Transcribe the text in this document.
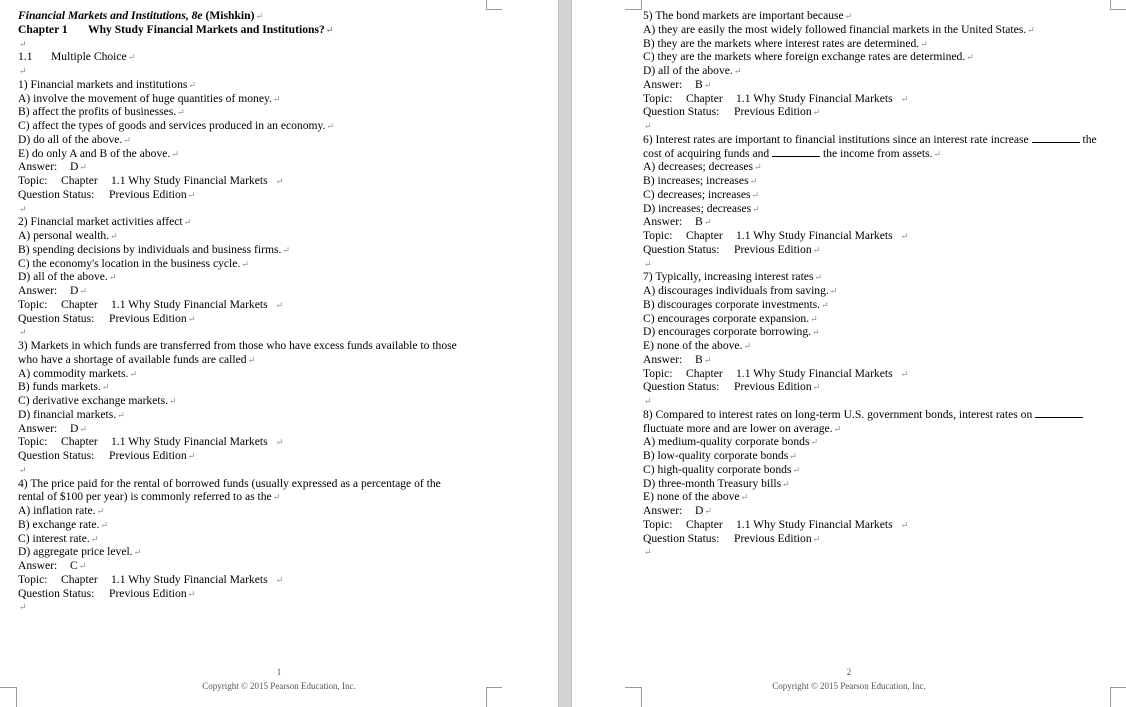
Financial Markets and Institutions, 8e (Mishkin)↵
Chapter 1 Why Study Financial Markets and Institutions?↵
↵
1.1 Multiple Choice↵
↵
1) Financial markets and institutions↵
A) involve the movement of huge quantities of money.↵
B) affect the profits of businesses.↵
C) affect the types of goods and services produced in an economy.↵
D) do all of the above.↵
E) do only A and B of the above.↵
Answer: D↵
Topic: Chapter 1.1 Why Study Financial Markets ↵
Question Status: Previous Edition↵
↵
2) Financial market activities affect↵
A) personal wealth.↵
B) spending decisions by individuals and business firms.↵
C) the economy's location in the business cycle.↵
D) all of the above.↵
Answer: D↵
Topic: Chapter 1.1 Why Study Financial Markets ↵
Question Status: Previous Edition↵
↵
3) Markets in which funds are transferred from those who have excess funds available to those
who have a shortage of available funds are called↵
A) commodity markets.↵
B) funds markets.↵
C) derivative exchange markets.↵
D) financial markets.↵
Answer: D↵
Topic: Chapter 1.1 Why Study Financial Markets ↵
Question Status: Previous Edition↵
↵
4) The price paid for the rental of borrowed funds (usually expressed as a percentage of the
rental of $100 per year) is commonly referred to as the↵
A) inflation rate.↵
B) exchange rate.↵
C) interest rate.↵
D) aggregate price level.↵
Answer: C↵
Topic: Chapter 1.1 Why Study Financial Markets ↵
Question Status: Previous Edition↵
↵
1
Copyright © 2015 Pearson Education, Inc.
5) The bond markets are important because↵
A) they are easily the most widely followed financial markets in the United States.↵
B) they are the markets where interest rates are determined.↵
C) they are the markets where foreign exchange rates are determined.↵
D) all of the above.↵
Answer: B↵
Topic: Chapter 1.1 Why Study Financial Markets ↵
Question Status: Previous Edition↵
↵
6) Interest rates are important to financial institutions since an interest rate increase	the
cost of acquiring funds and	the income from assets.↵
A) decreases; decreases↵
B) increases; increases↵
C) decreases; increases↵
D) increases; decreases↵
Answer: B↵
Topic: Chapter 1.1 Why Study Financial Markets ↵
Question Status: Previous Edition↵
↵
7) Typically, increasing interest rates↵
A) discourages individuals from saving.↵
B) discourages corporate investments.↵
C) encourages corporate expansion.↵
D) encourages corporate borrowing.↵
E) none of the above.↵
Answer: B↵
Topic: Chapter 1.1 Why Study Financial Markets ↵
Question Status: Previous Edition↵
↵
8) Compared to interest rates on long-term U.S. government bonds, interest rates on
fluctuate more and are lower on average.↵
A) medium-quality corporate bonds↵
B) low-quality corporate bonds↵
C) high-quality corporate bonds↵
D) three-month Treasury bills↵
E) none of the above↵
Answer: D↵
Topic: Chapter 1.1 Why Study Financial Markets ↵
Question Status: Previous Edition↵
↵
2
Copyright © 2015 Pearson Education, Inc.
